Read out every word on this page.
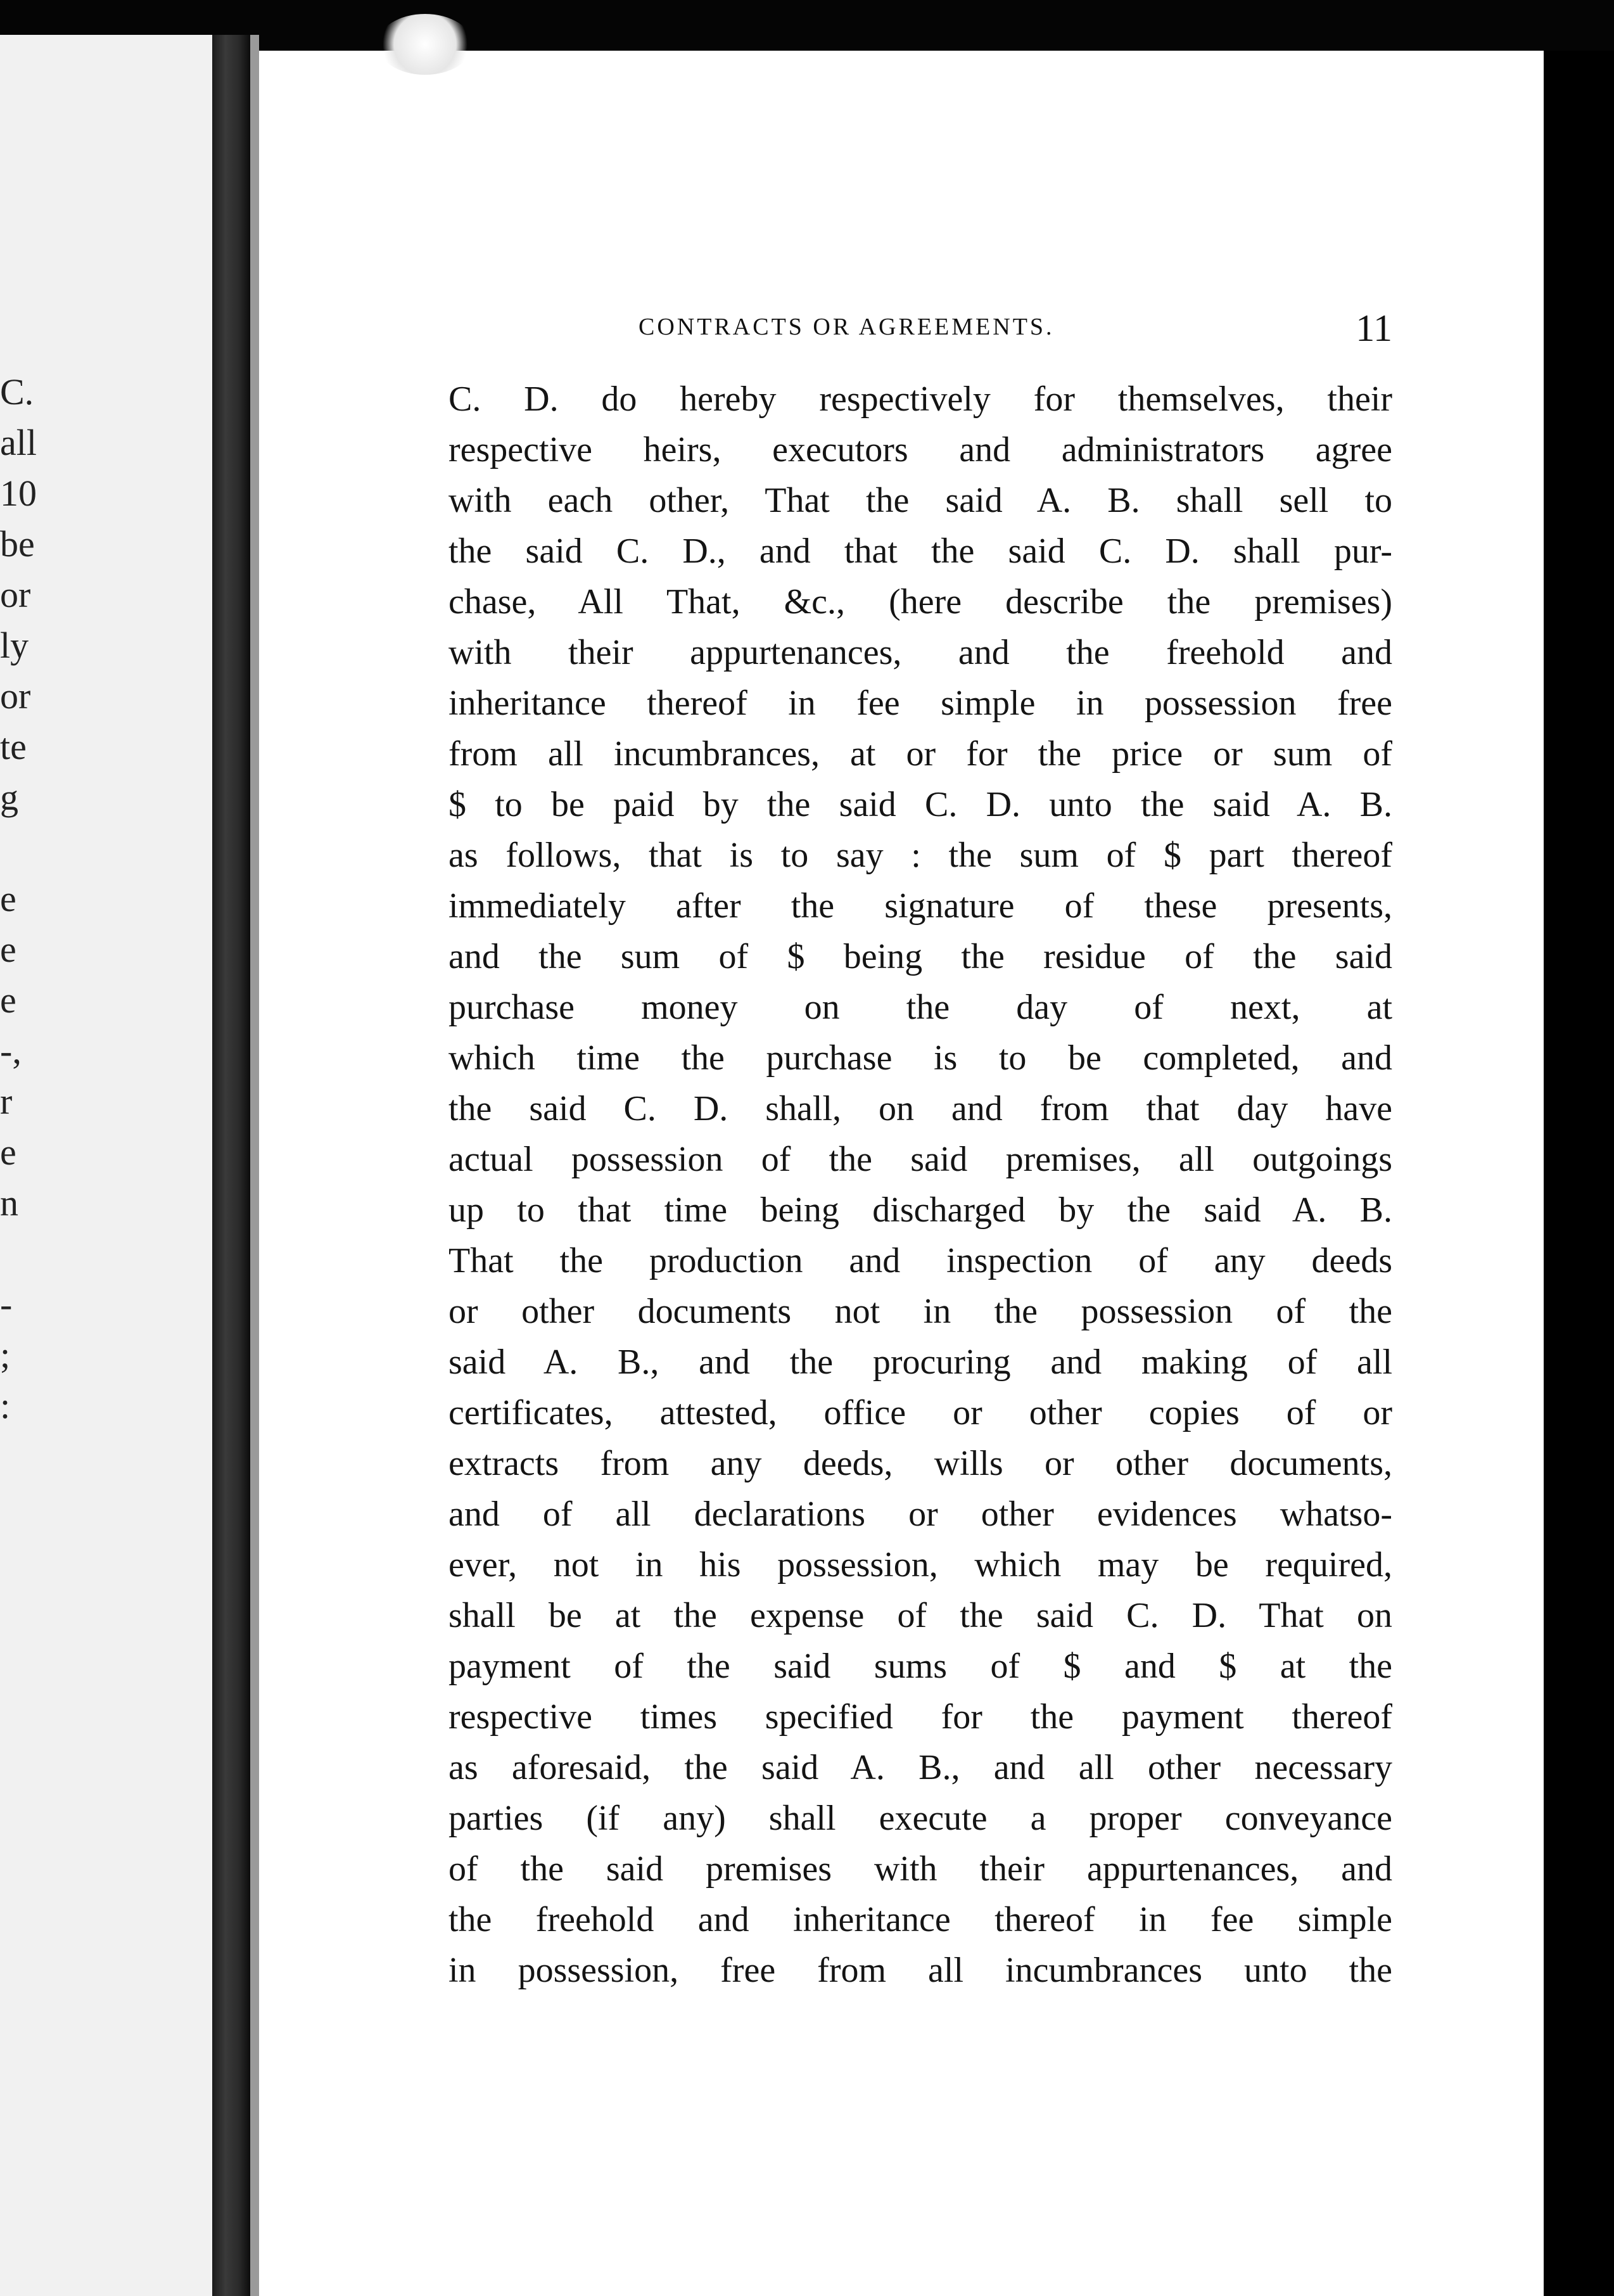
C.
all
10
be
or
ly
or
te
g
e
e
e
-,
r
e
n
-
;
:
CONTRACTS OR AGREEMENTS.	11
C. D. do hereby respectively for themselves, their
respective heirs, executors and administrators agree
with each other, That the said A. B. shall sell to
the said C. D., and that the said C. D. shall pur-
chase, All That, &c., (here describe the premises)
with their appurtenances, and the freehold and
inheritance thereof in fee simple in possession free
from all incumbrances, at or for the price or sum of
$ to be paid by the said C. D. unto the said A. B.
as follows, that is to say : the sum of $ part thereof
immediately after the signature of these presents,
and the sum of $ being the residue of the said
purchase money on the day of next, at
which time the purchase is to be completed, and
the said C. D. shall, on and from that day have
actual possession of the said premises, all outgoings
up to that time being discharged by the said A. B.
That the production and inspection of any deeds
or other documents not in the possession of the
said A. B., and the procuring and making of all
certificates, attested, office or other copies of or
extracts from any deeds, wills or other documents,
and of all declarations or other evidences whatso-
ever, not in his possession, which may be required,
shall be at the expense of the said C. D. That on
payment of the said sums of $ and $ at the
respective times specified for the payment thereof
as aforesaid, the said A. B., and all other necessary
parties (if any) shall execute a proper conveyance
of the said premises with their appurtenances, and
the freehold and inheritance thereof in fee simple
in possession, free from all incumbrances unto the
